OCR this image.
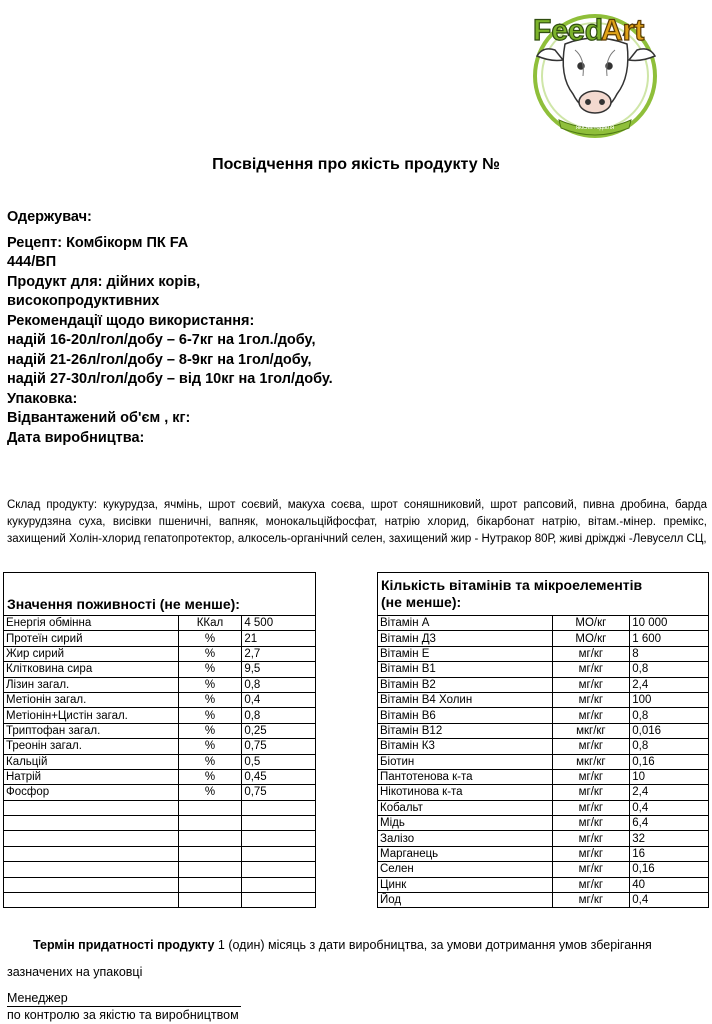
Feed
Art
якісна годівля
Посвідчення про якість продукту №
Одержувач:
Рецепт: Комбікорм ПК FA
444/ВП
Продукт для: дійних корів,
високопродуктивних
Рекомендації щодо використання:
надій 16-20л/гол/добу – 6-7кг на 1гол./добу,
надій 21-26л/гол/добу – 8-9кг на 1гол/добу,
надій 27-30л/гол/добу – від 10кг на 1гол/добу.
Упаковка:
Відвантажений об'єм , кг:
Дата виробництва:

Склад продукту: кукурудза, ячмінь, шрот соєвий, макуха соєва, шрот соняшниковий, шрот рапсовий, пивна дробина, барда кукурудзяна суха, висівки пшеничні, вапняк, монокальційфосфат, натрію хлорид, бікарбонат натрію, вітам.-мінер. премікс, захищений Холін-хлорид гепатопротектор, алкосель-органічний селен, захищений жир - Нутракор 80Р, живі дріжджі -Левуселл СЦ,

Значення поживності (не менше):		
Енергія обмінна	ККал	4 500
Протеїн сирий	%	21
Жир сирий	%	2,7
Клітковина сира	%	9,5
Лізин загал.	%	0,8
Метіонін загал.	%	0,4
Метіонін+Цистін загал.	%	0,8
Триптофан загал.	%	0,25
Треонін загал.	%	0,75
Кальцій	%	0,5
Натрій	%	0,45
Фосфор	%	0,75

Кількість вітамінів та мікроелементів
(не менше):		

Вітамін А	МО/кг	10 000
Вітамін Д3	МО/кг	1 600
Вітамін Е	мг/кг	8
Вітамін В1	мг/кг	0,8
Вітамін В2	мг/кг	2,4
Вітамін В4 Холин	мг/кг	100
Вітамін В6	мг/кг	0,8
Вітамін В12	мкг/кг	0,016
Вітамін К3	мг/кг	0,8
Біотин	мкг/кг	0,16
Пантотенова к-та	мг/кг	10
Нікотинова к-та	мг/кг	2,4
Кобальт	мг/кг	0,4
Мідь	мг/кг	6,4
Залізо	мг/кг	32
Марганець	мг/кг	16
Селен	мг/кг	0,16
Цинк	мг/кг	40
Йод	мг/кг	0,4

Термін придатності продукту 1 (один) місяць з дати виробництва, за умови дотримання умов зберігання зазначених на упаковці

Менеджер
по контролю за якістю та виробництвом
